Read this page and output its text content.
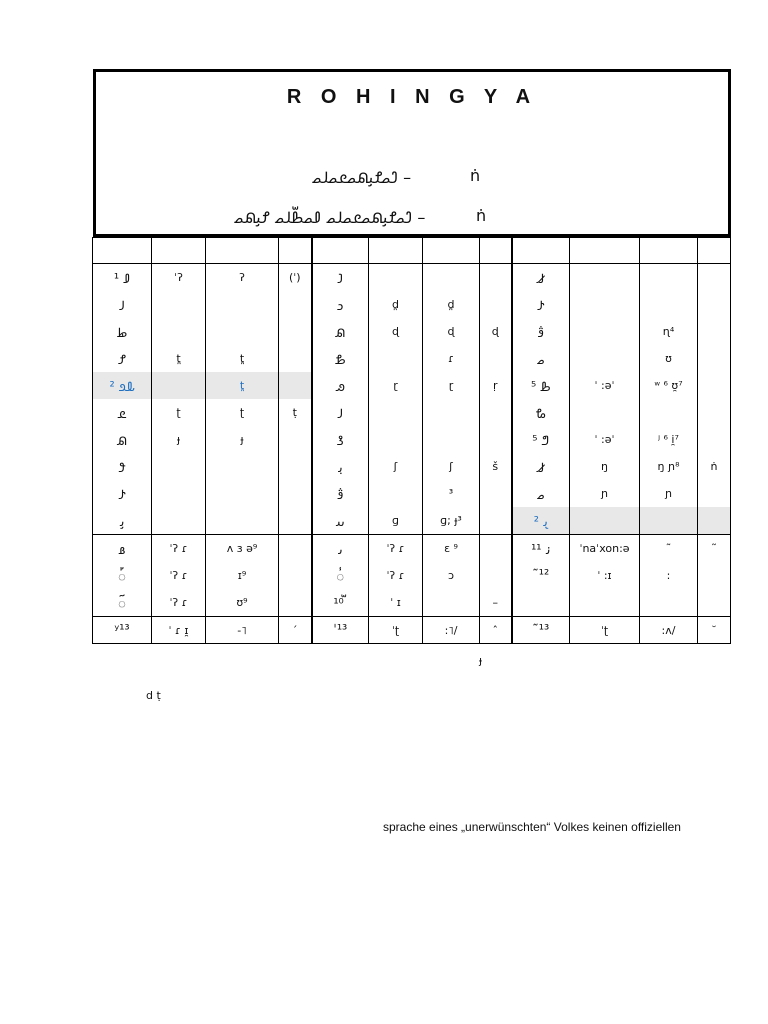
R O H I N G Y A
𐴃𐴝𐴌𐴞𐴕𐴝𐴒𐴝𐴓𐴝 –	ṅ
𐴃𐴝𐴌𐴞𐴕𐴝𐴒𐴝𐴓𐴝 𐴀𐴝𐴑𐴧𐴓𐴝 𐴌𐴞𐴕𐴝 –	ṅ

¹ 𐴀	ˈʔ	ʔ	(ˈ)	𐴁				𐴚			
𐴓				𐴊	d̪	d̪		𐴛			
𐴋				𐴕	ɖ	ɖ	ɖ	𐴜		ɳ⁴	
𐴌	t̪	t̪		𐴍		ɾ		𐴝		ʊ	
² 𐴎𐴏		t̪		𐴐	ɽ	ɽ	ṛ	⁵ 𐴑	ˈ :əˈ	ʷ ⁶ ʊ̯⁷	
𐴒	ʈ	ʈ	ṭ	𐴓				𐴔			
𐴕	ɟ	ɟ		𐴖				⁵ 𐴗	ˈ :əˈ	ʲ ⁶ i̯⁷	
𐴘				𐴙	ʃ	ʃ	š	𐴚	ŋ	ŋ ɲ⁸	ṅ
𐴛				𐴜		³		𐴝	ɲ	ɲ	
𐴞				𐴟	ɡ	ɡ; ɟ³		² 𐴠			
𐴡	ˈʔ ɾ	ʌ ɜ ə⁹		𐴢	ˈʔ ɾ	ɛ ⁹		¹¹ 𐴣	ˈnaˈxon:ə	˜	˜
𐴤	ˈʔ ɾ	ɪ⁹		𐴥	ˈʔ ɾ	ɔ		˜¹²	ˈ :ɪ	:	
𐴦	ˈʔ ɾ	ʊ⁹		¹⁰ 𐴧	ˈ ɪ		–				
ʸ¹³	ˈ ɾ ɪ̯	-˥	ˊ	ˈ¹³	ˈʈ	:˥/	ˆ	˜¹³	ˈʈ	:ʌ/	˘
ɟ
d ṭ
sprache eines „unerwünschten“ Volkes keinen offiziellen
